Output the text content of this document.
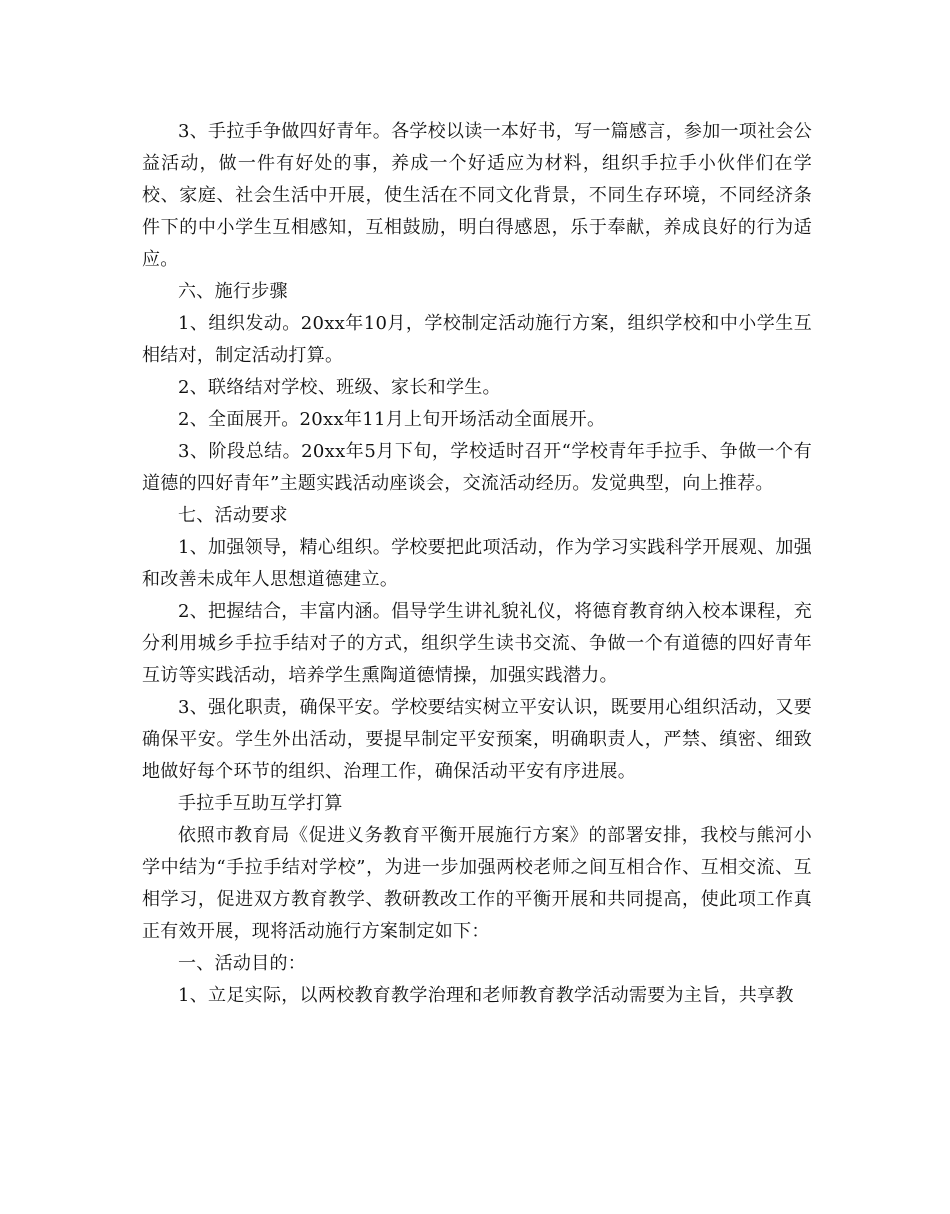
3、手拉手争做四好青年。各学校以读一本好书，写一篇感言，参加一项社会公益活动，做一件有好处的事，养成一个好适应为材料，组织手拉手小伙伴们在学校、家庭、社会生活中开展，使生活在不同文化背景，不同生存环境，不同经济条件下的中小学生互相感知，互相鼓励，明白得感恩，乐于奉献，养成良好的行为适应。

六、施行步骤

1、组织发动。20xx年10月，学校制定活动施行方案，组织学校和中小学生互相结对，制定活动打算。

2、联络结对学校、班级、家长和学生。

2、全面展开。20xx年11月上旬开场活动全面展开。

3、阶段总结。20xx年5月下旬，学校适时召开“学校青年手拉手、争做一个有道德的四好青年”主题实践活动座谈会，交流活动经历。发觉典型，向上推荐。

七、活动要求

1、加强领导，精心组织。学校要把此项活动，作为学习实践科学开展观、加强和改善未成年人思想道德建立。

2、把握结合，丰富内涵。倡导学生讲礼貌礼仪，将德育教育纳入校本课程，充分利用城乡手拉手结对子的方式，组织学生读书交流、争做一个有道德的四好青年互访等实践活动，培养学生熏陶道德情操，加强实践潜力。

3、强化职责，确保平安。学校要结实树立平安认识，既要用心组织活动，又要确保平安。学生外出活动，要提早制定平安预案，明确职责人，严禁、缜密、细致地做好每个环节的组织、治理工作，确保活动平安有序进展。

手拉手互助互学打算

依照市教育局《促进义务教育平衡开展施行方案》的部署安排，我校与熊河小学中结为“手拉手结对学校”，为进一步加强两校老师之间互相合作、互相交流、互相学习，促进双方教育教学、教研教改工作的平衡开展和共同提高，使此项工作真正有效开展，现将活动施行方案制定如下：

一、活动目的：

1、立足实际，以两校教育教学治理和老师教育教学活动需要为主旨，共享教
